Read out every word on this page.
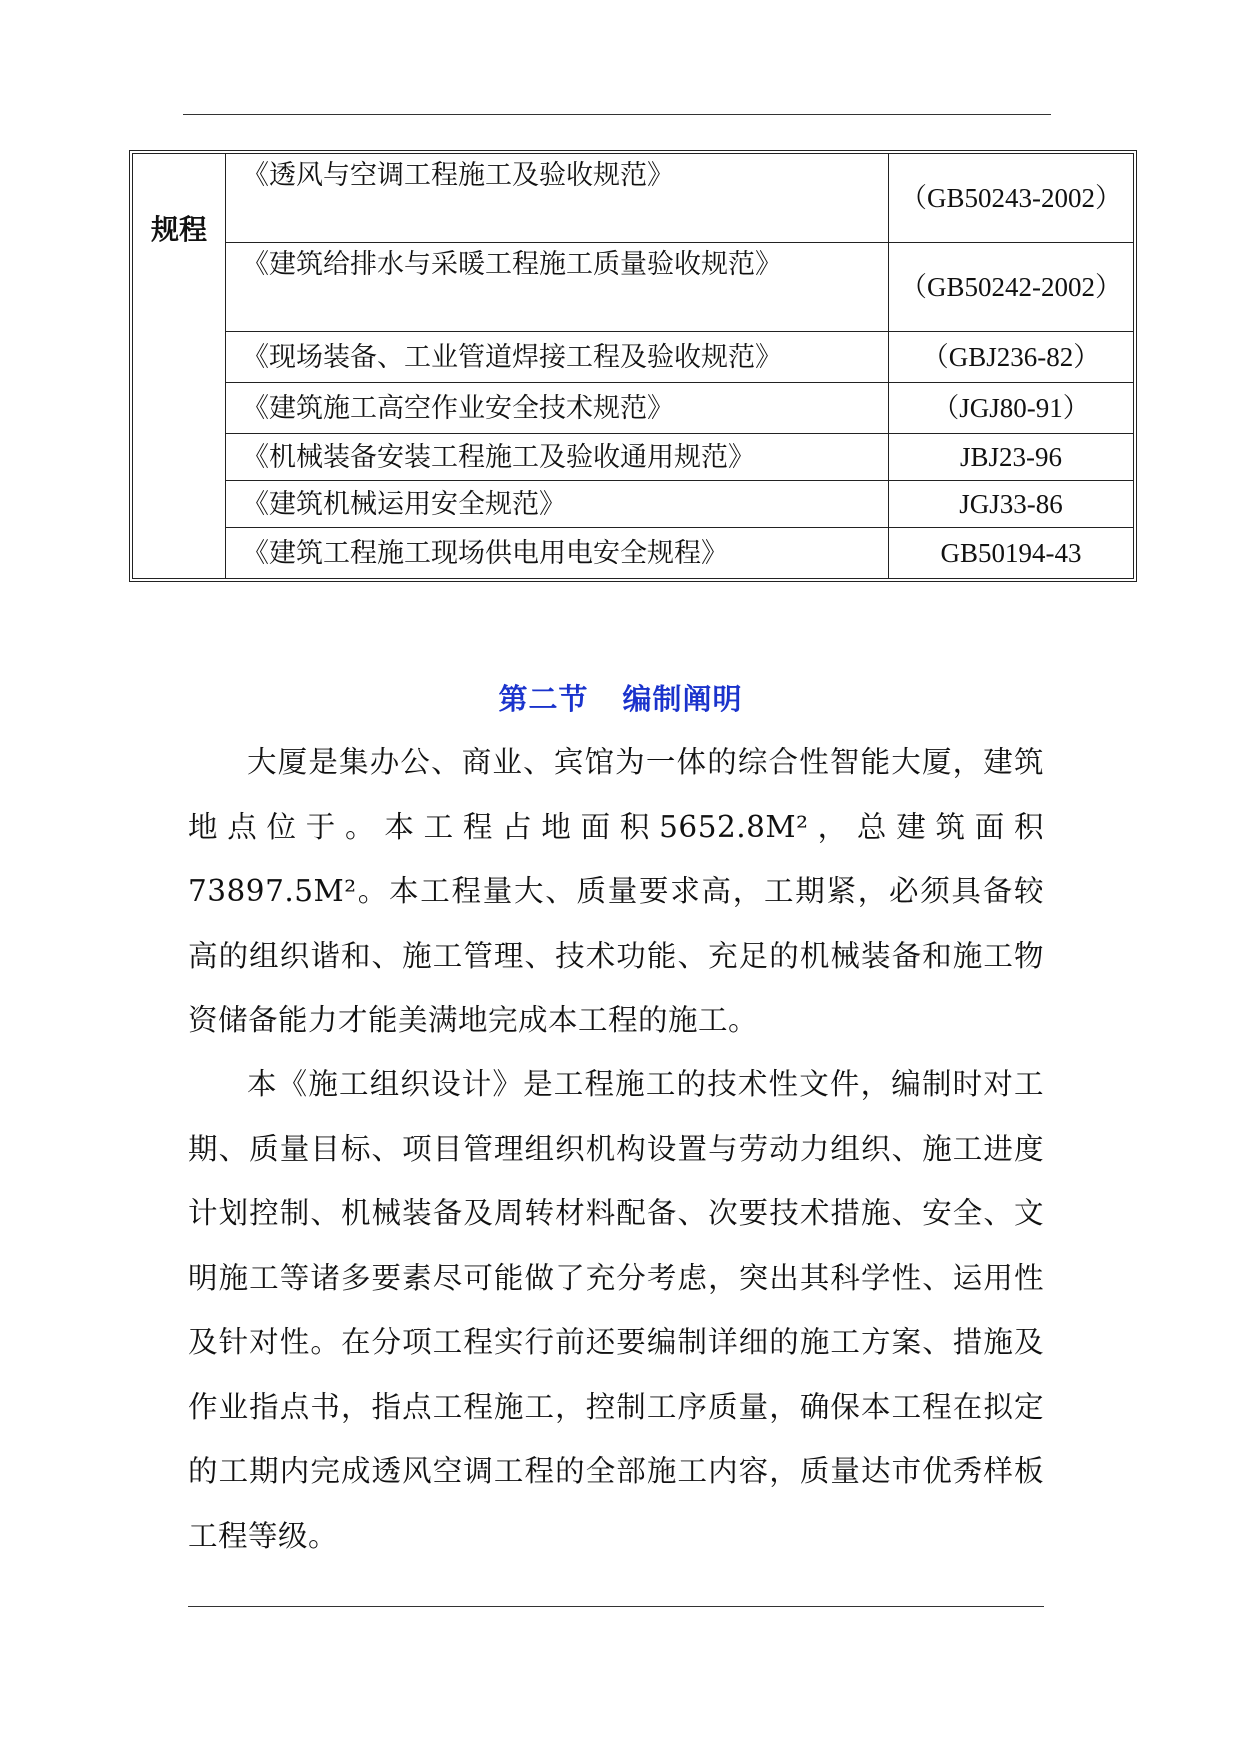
规程	《透风与空调工程施工及验收规范》	（GB50243-2002）
	《建筑给排水与采暖工程施工质量验收规范》	（GB50242-2002）
	《现场装备、工业管道焊接工程及验收规范》	（GBJ236-82）
	《建筑施工高空作业安全技术规范》	（JGJ80-91）
	《机械装备安装工程施工及验收通用规范》	JBJ23-96
	《建筑机械运用安全规范》	JGJ33-86
	《建筑工程施工现场供电用电安全规程》	GB50194-43
第二节 编制阐明

大厦是集办公、商业、宾馆为一体的综合性智能大厦，建筑地点位于。本工程占地面积5652.8M²，总建筑面积73897.5M²。本工程量大、质量要求高，工期紧，必须具备较高的组织谐和、施工管理、技术功能、充足的机械装备和施工物资储备能力才能美满地完成本工程的施工。

本《施工组织设计》是工程施工的技术性文件，编制时对工期、质量目标、项目管理组织机构设置与劳动力组织、施工进度计划控制、机械装备及周转材料配备、次要技术措施、安全、文明施工等诸多要素尽可能做了充分考虑，突出其科学性、运用性及针对性。在分项工程实行前还要编制详细的施工方案、措施及作业指点书，指点工程施工，控制工序质量，确保本工程在拟定的工期内完成透风空调工程的全部施工内容，质量达市优秀样板工程等级。
